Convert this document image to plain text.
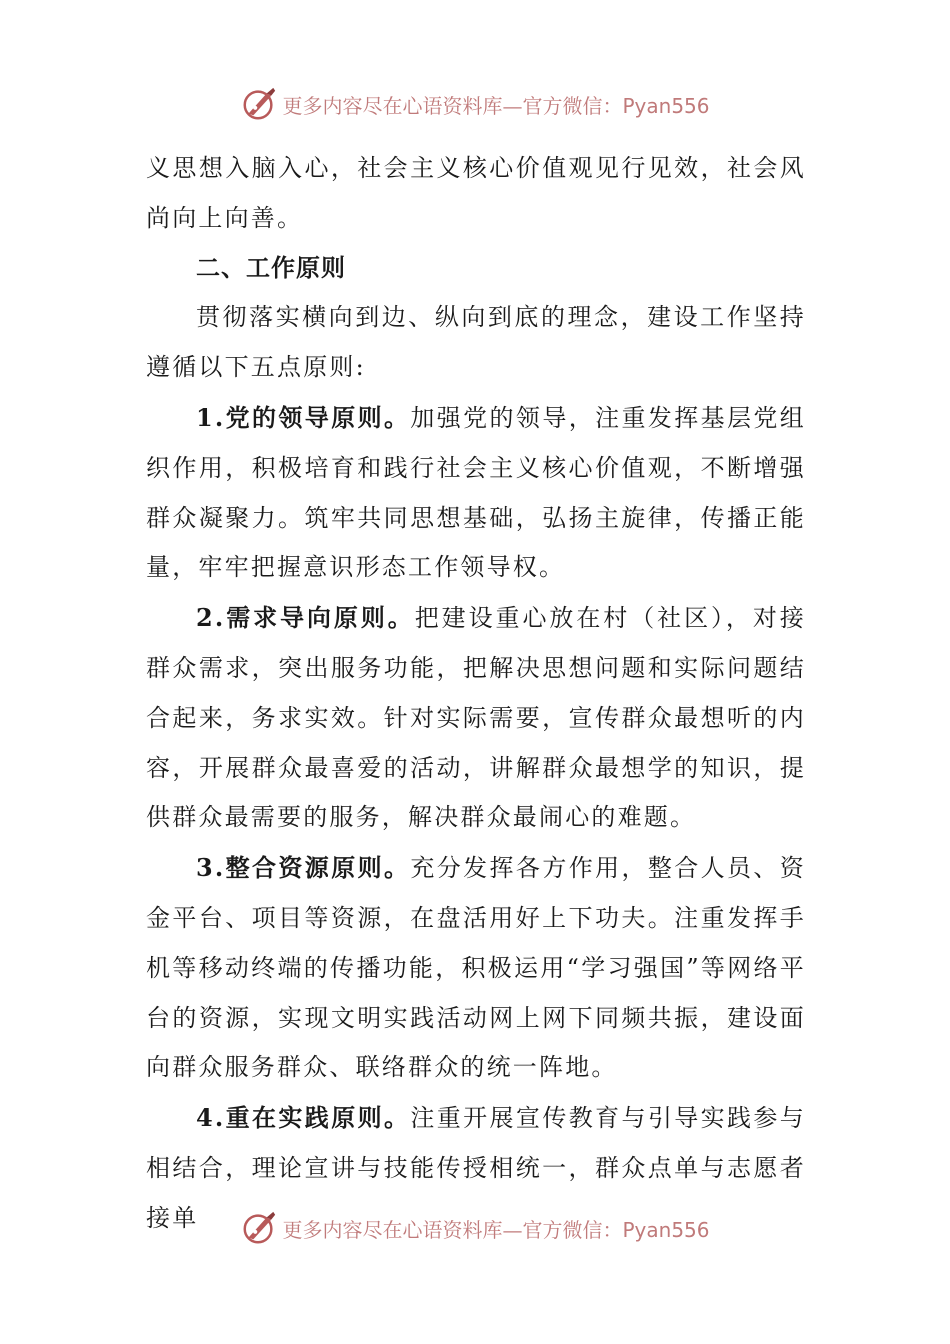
更多内容尽在心语资料库—官方微信：Pyan556

义思想入脑入心，社会主义核心价值观见行见效，社会风尚向上向善。

二、工作原则

贯彻落实横向到边、纵向到底的理念，建设工作坚持遵循以下五点原则:

1.党的领导原则。加强党的领导，注重发挥基层党组织作用，积极培育和践行社会主义核心价值观，不断增强群众凝聚力。筑牢共同思想基础，弘扬主旋律，传播正能量，牢牢把握意识形态工作领导权。

2.需求导向原则。把建设重心放在村（社区），对接群众需求，突出服务功能，把解决思想问题和实际问题结合起来，务求实效。针对实际需要，宣传群众最想听的内容，开展群众最喜爱的活动，讲解群众最想学的知识，提供群众最需要的服务，解决群众最闹心的难题。

3.整合资源原则。充分发挥各方作用，整合人员、资金平台、项目等资源，在盘活用好上下功夫。注重发挥手机等移动终端的传播功能，积极运用“学习强国”等网络平台的资源，实现文明实践活动网上网下同频共振，建设面向群众服务群众、联络群众的统一阵地。

4.重在实践原则。注重开展宣传教育与引导实践参与相结合，理论宣讲与技能传授相统一，群众点单与志愿者接单	更多内容尽在心语资料库—官方微信：Pyan556
